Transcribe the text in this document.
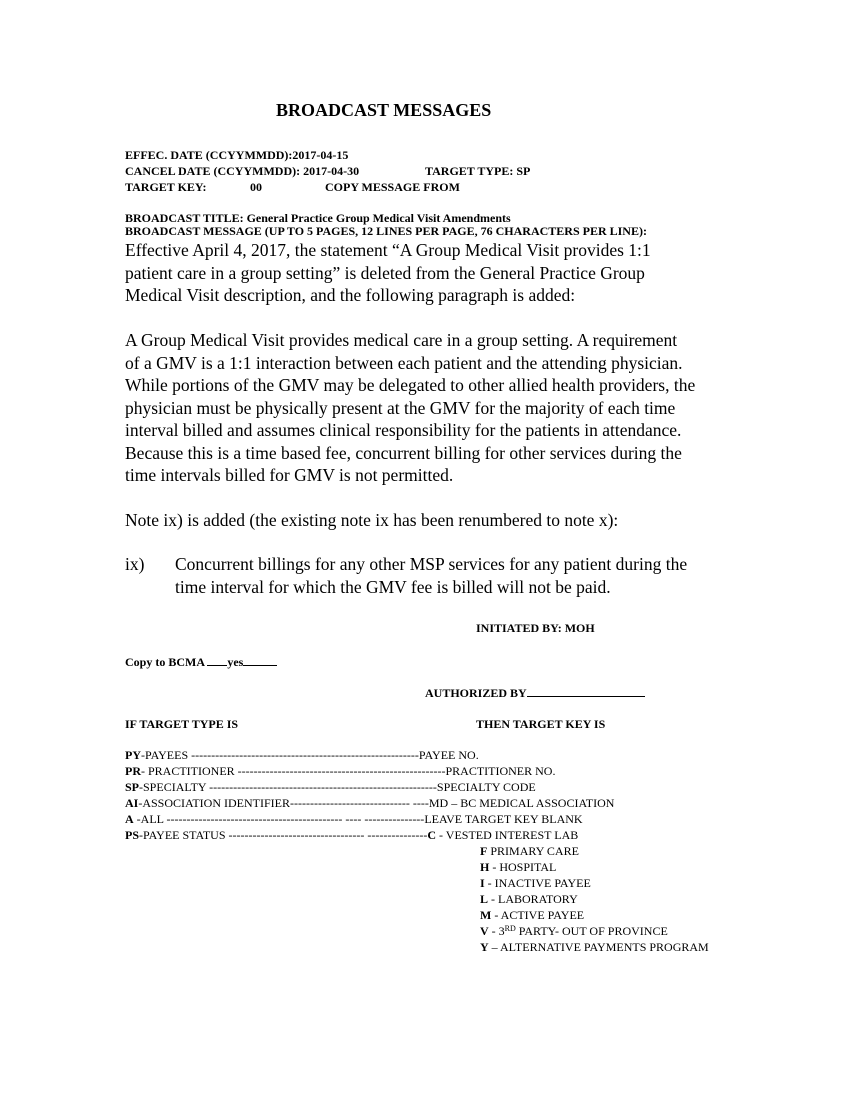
BROADCAST MESSAGES
EFFEC. DATE (CCYYMMDD):2017-04-15
CANCEL DATE (CCYYMMDD): 2017-04-30	TARGET TYPE: SP
TARGET KEY:	00	COPY MESSAGE FROM
BROADCAST TITLE: General Practice Group Medical Visit Amendments
BROADCAST MESSAGE (UP TO 5 PAGES, 12 LINES PER PAGE, 76 CHARACTERS PER LINE):
Effective April 4, 2017, the statement “A Group Medical Visit provides 1:1
patient care in a group setting” is deleted from the General Practice Group
Medical Visit description, and the following paragraph is added:
A Group Medical Visit provides medical care in a group setting. A requirement
of a GMV is a 1:1 interaction between each patient and the attending physician.
While portions of the GMV may be delegated to other allied health providers, the
physician must be physically present at the GMV for the majority of each time
interval billed and assumes clinical responsibility for the patients in attendance.
Because this is a time based fee, concurrent billing for other services during the
time intervals billed for GMV is not permitted.
Note ix) is added (the existing note ix has been renumbered to note x):
ix) Concurrent billings for any other MSP services for any patient during the
time interval for which the GMV fee is billed will not be paid.
INITIATED BY: MOH
Copy to BCMA yes
AUTHORIZED BY
IF TARGET TYPE IS	THEN TARGET KEY IS
PY-PAYEES ---------------------------------------------------------PAYEE NO.
PR- PRACTITIONER ----------------------------------------------------PRACTITIONER NO.
SP-SPECIALTY ---------------------------------------------------------SPECIALTY CODE
AI-ASSOCIATION IDENTIFIER------------------------------ ----MD – BC MEDICAL ASSOCIATION
A -ALL -------------------------------------------- ---- ---------------LEAVE TARGET KEY BLANK
PS-PAYEE STATUS ---------------------------------- ---------------C - VESTED INTEREST LAB
F PRIMARY CARE
H - HOSPITAL
I - INACTIVE PAYEE
L - LABORATORY
M - ACTIVE PAYEE
V - 3RD PARTY- OUT OF PROVINCE
Y – ALTERNATIVE PAYMENTS PROGRAM
